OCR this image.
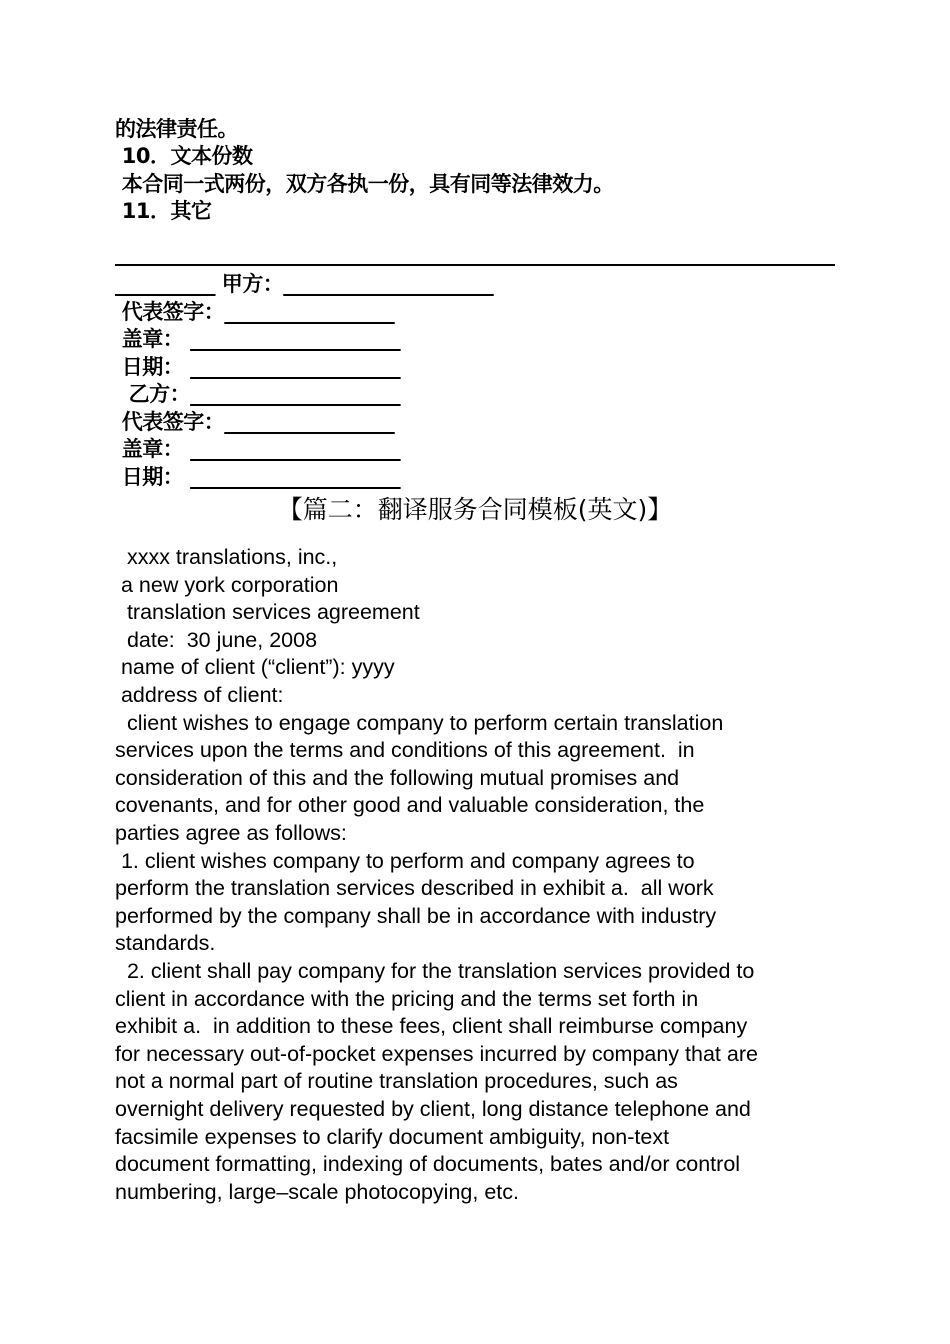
的法律责任。
10．文本份数
本合同一式两份，双方各执一份，具有同等法律效力。
11．其它
__________ 甲方：_____________________
代表签字：_________________
盖章： _____________________
日期： _____________________
乙方：_____________________
代表签字：_________________
盖章： _____________________
日期： _____________________
【篇二：翻译服务合同模板(英文)】
xxxx translations, inc.,
a new york corporation
translation services agreement
date:  30 june, 2008
name of client (“client”): yyyy
address of client:
client wishes to engage company to perform certain translation
services upon the terms and conditions of this agreement.  in
consideration of this and the following mutual promises and
covenants, and for other good and valuable consideration, the
parties agree as follows:
1. client wishes company to perform and company agrees to
perform the translation services described in exhibit a.  all work
performed by the company shall be in accordance with industry
standards.
2. client shall pay company for the translation services provided to
client in accordance with the pricing and the terms set forth in
exhibit a.  in addition to these fees, client shall reimburse company
for necessary out-of-pocket expenses incurred by company that are
not a normal part of routine translation procedures, such as
overnight delivery requested by client, long distance telephone and
facsimile expenses to clarify document ambiguity, non-text
document formatting, indexing of documents, bates and/or control
numbering, large–scale photocopying, etc.
